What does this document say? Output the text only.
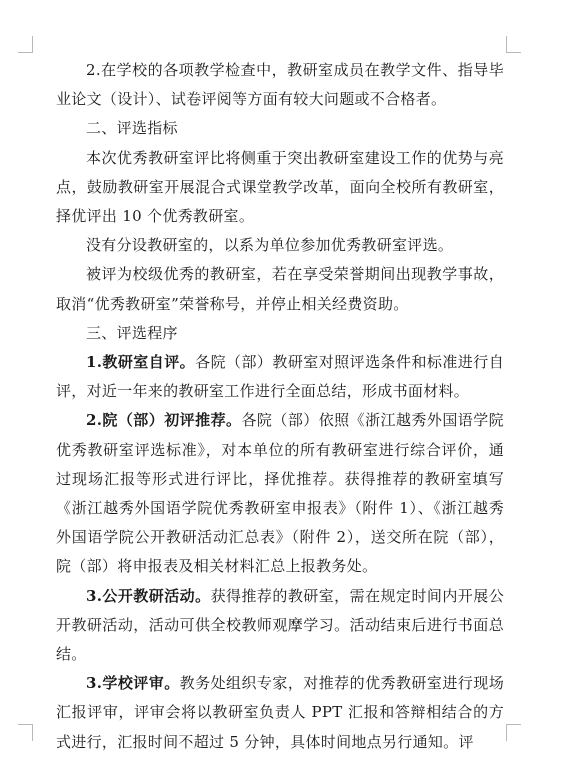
2.在学校的各项教学检查中，教研室成员在教学文件、指导毕业论文（设计）、试卷评阅等方面有较大问题或不合格者。

二、评选指标

本次优秀教研室评比将侧重于突出教研室建设工作的优势与亮点，鼓励教研室开展混合式课堂教学改革，面向全校所有教研室，择优评出 10 个优秀教研室。

没有分设教研室的，以系为单位参加优秀教研室评选。

被评为校级优秀的教研室，若在享受荣誉期间出现教学事故，取消“优秀教研室”荣誉称号，并停止相关经费资助。

三、评选程序

1.教研室自评。各院（部）教研室对照评选条件和标准进行自评，对近一年来的教研室工作进行全面总结，形成书面材料。

2.院（部）初评推荐。各院（部）依照《浙江越秀外国语学院优秀教研室评选标准》，对本单位的所有教研室进行综合评价，通过现场汇报等形式进行评比，择优推荐。获得推荐的教研室填写《浙江越秀外国语学院优秀教研室申报表》（附件 1）、《浙江越秀外国语学院公开教研活动汇总表》（附件 2），送交所在院（部），院（部）将申报表及相关材料汇总上报教务处。

3.公开教研活动。获得推荐的教研室，需在规定时间内开展公开教研活动，活动可供全校教师观摩学习。活动结束后进行书面总结。

3.学校评审。教务处组织专家，对推荐的优秀教研室进行现场汇报评审，评审会将以教研室负责人 PPT 汇报和答辩相结合的方式进行，汇报时间不超过 5 分钟，具体时间地点另行通知。评
